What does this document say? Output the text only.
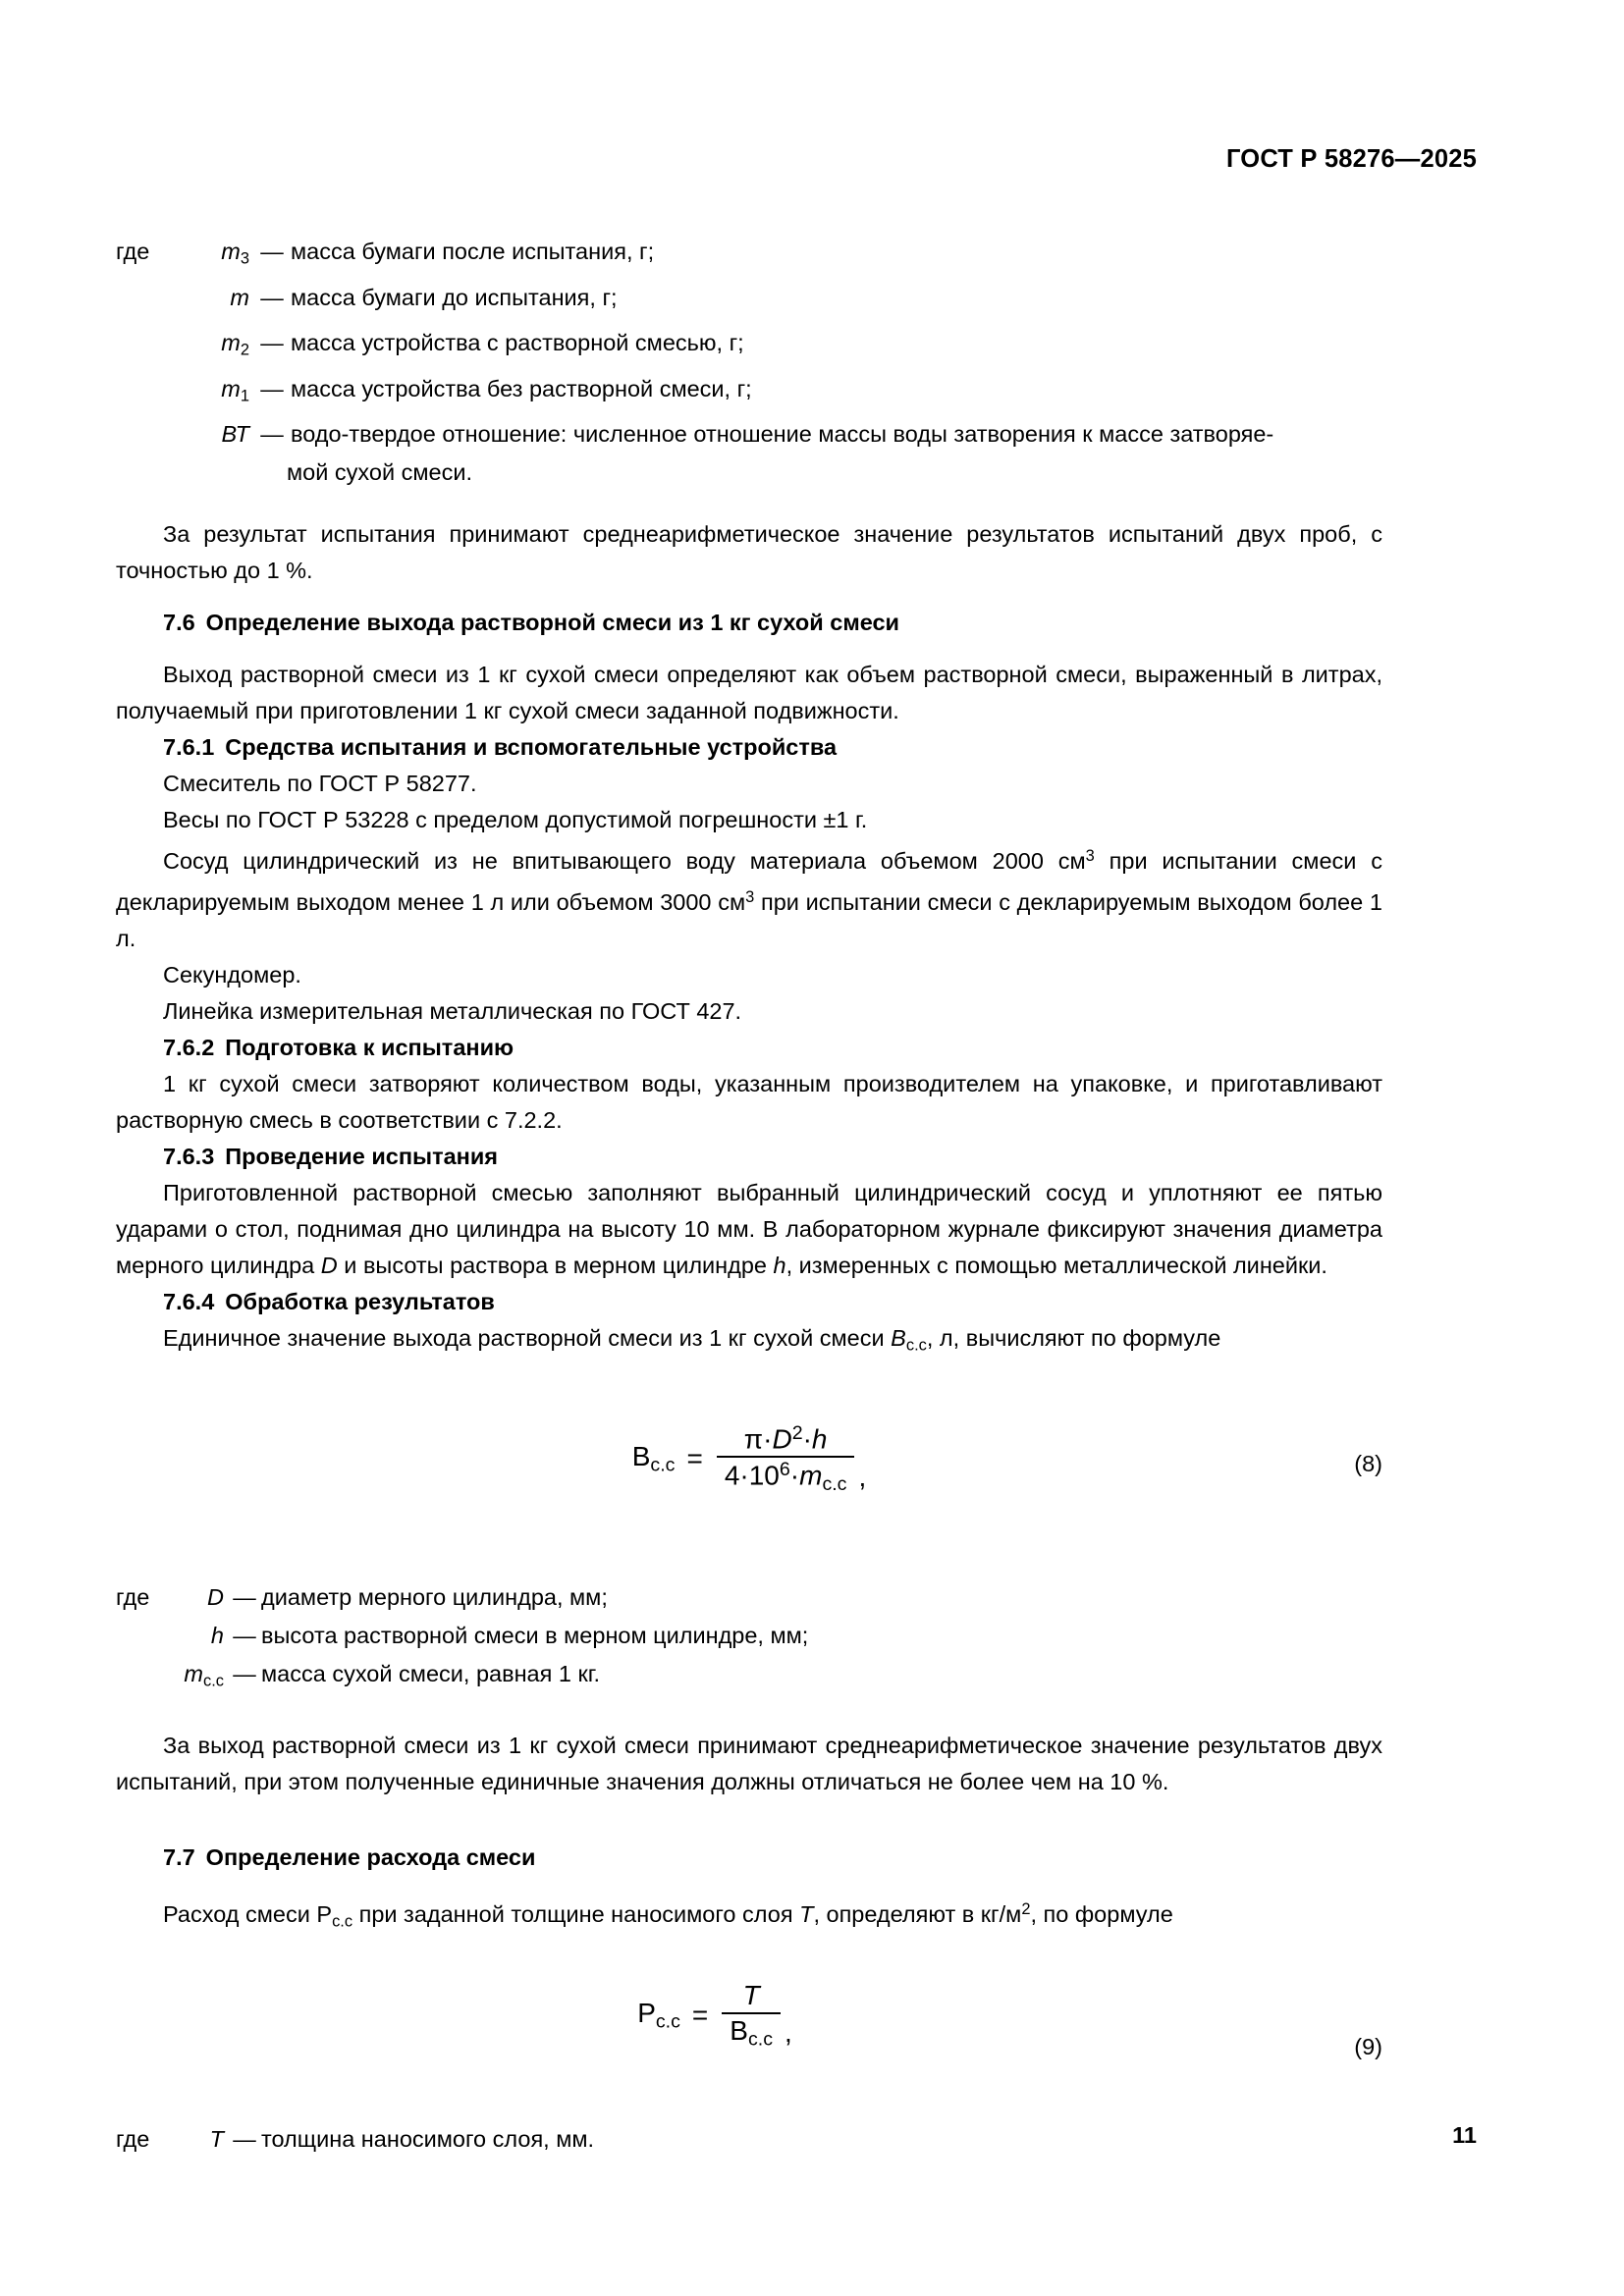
ГОСТ Р 58276—2025
где	$m_3$ — масса бумаги после испытания, г;
m — масса бумаги до испытания, г;
$m_2$ — масса устройства с растворной смесью, г;
$m_1$ — масса устройства без растворной смеси, г;
ВТ — водо-твердое отношение: численное отношение массы воды затворения к массе затворяе-
мой сухой смеси.

За результат испытания принимают среднеарифметическое значение результатов испытаний двух проб, с точностью до 1 %.

7.6 Определение выхода растворной смеси из 1 кг сухой смеси

Выход растворной смеси из 1 кг сухой смеси определяют как объем растворной смеси, выраженный в литрах, получаемый при приготовлении 1 кг сухой смеси заданной подвижности.

7.6.1 Средства испытания и вспомогательные устройства

Смеситель по ГОСТ Р 58277.

Весы по ГОСТ Р 53228 с пределом допустимой погрешности ±1 г.

Сосуд цилиндрический из не впитывающего воду материала объемом 2000 $см^3$ при испытании смеси с декларируемым выходом менее 1 л или объемом 3000 $см^3$ при испытании смеси с декларируемым выходом более 1 л.

Секундомер.

Линейка измерительная металлическая по ГОСТ 427.

7.6.2 Подготовка к испытанию

1 кг сухой смеси затворяют количеством воды, указанным производителем на упаковке, и приготавливают растворную смесь в соответствии с 7.2.2.

7.6.3 Проведение испытания

Приготовленной растворной смесью заполняют выбранный цилиндрический сосуд и уплотняют ее пятью ударами о стол, поднимая дно цилиндра на высоту 10 мм. В лабораторном журнале фиксируют значения диаметра мерного цилиндра D и высоты раствора в мерном цилиндре h, измеренных с помощью металлической линейки.

7.6.4 Обработка результатов

Единичное значение выхода растворной смеси из 1 кг сухой смеси $В_{с.с}$, л, вычисляют по формуле

$В_{с.с} = \frac{\pi\cdot D^2\cdot h}{4\cdot 10^6\cdot m_{с.с}}$ ,	(8)
где	D — диаметр мерного цилиндра, мм;
h — высота растворной смеси в мерном цилиндре, мм;
$m_{с.с}$ — масса сухой смеси, равная 1 кг.

За выход растворной смеси из 1 кг сухой смеси принимают среднеарифметическое значение результатов двух испытаний, при этом полученные единичные значения должны отличаться не более чем на 10 %.

7.7 Определение расхода смеси

Расход смеси $Р_{с.с}$ при заданной толщине наносимого слоя T, определяют в $кг/м^2$, по формуле

$Р_{с.с} = \frac{T}{В_{с.с}}$ ,	(9)
где	T — толщина наносимого слоя, мм.	11
